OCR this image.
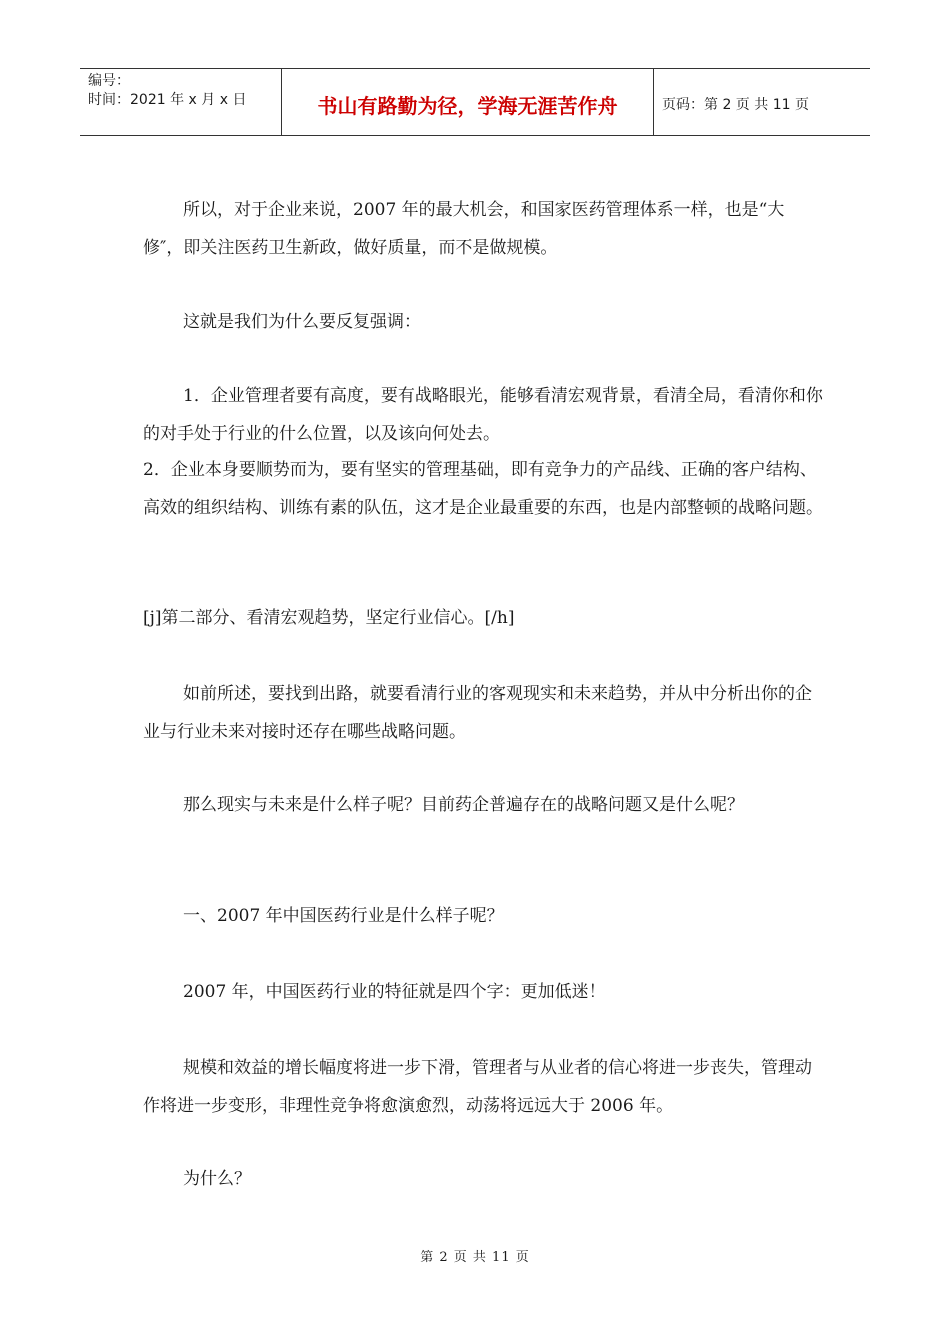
编号：
时间：2021 年 x 月 x 日	书山有路勤为径，学海无涯苦作舟	页码：第 2 页 共 11 页

所以，对于企业来说，2007 年的最大机会，和国家医药管理体系一样，也是“大修″，即关注医药卫生新政，做好质量，而不是做规模。

这就是我们为什么要反复强调：

1．企业管理者要有高度，要有战略眼光，能够看清宏观背景，看清全局，看清你和你的对手处于行业的什么位置，以及该向何处去。

2．企业本身要顺势而为，要有坚实的管理基础，即有竞争力的产品线、正确的客户结构、高效的组织结构、训练有素的队伍，这才是企业最重要的东西，也是内部整顿的战略问题。

[j]第二部分、看清宏观趋势，坚定行业信心。[/h]

如前所述，要找到出路，就要看清行业的客观现实和未来趋势，并从中分析出你的企业与行业未来对接时还存在哪些战略问题。

那么现实与未来是什么样子呢？目前药企普遍存在的战略问题又是什么呢？

一、2007 年中国医药行业是什么样子呢？

2007 年，中国医药行业的特征就是四个字：更加低迷！

规模和效益的增长幅度将进一步下滑，管理者与从业者的信心将进一步丧失，管理动作将进一步变形，非理性竞争将愈演愈烈，动荡将远远大于 2006 年。

为什么？

第 2 页 共 11 页
